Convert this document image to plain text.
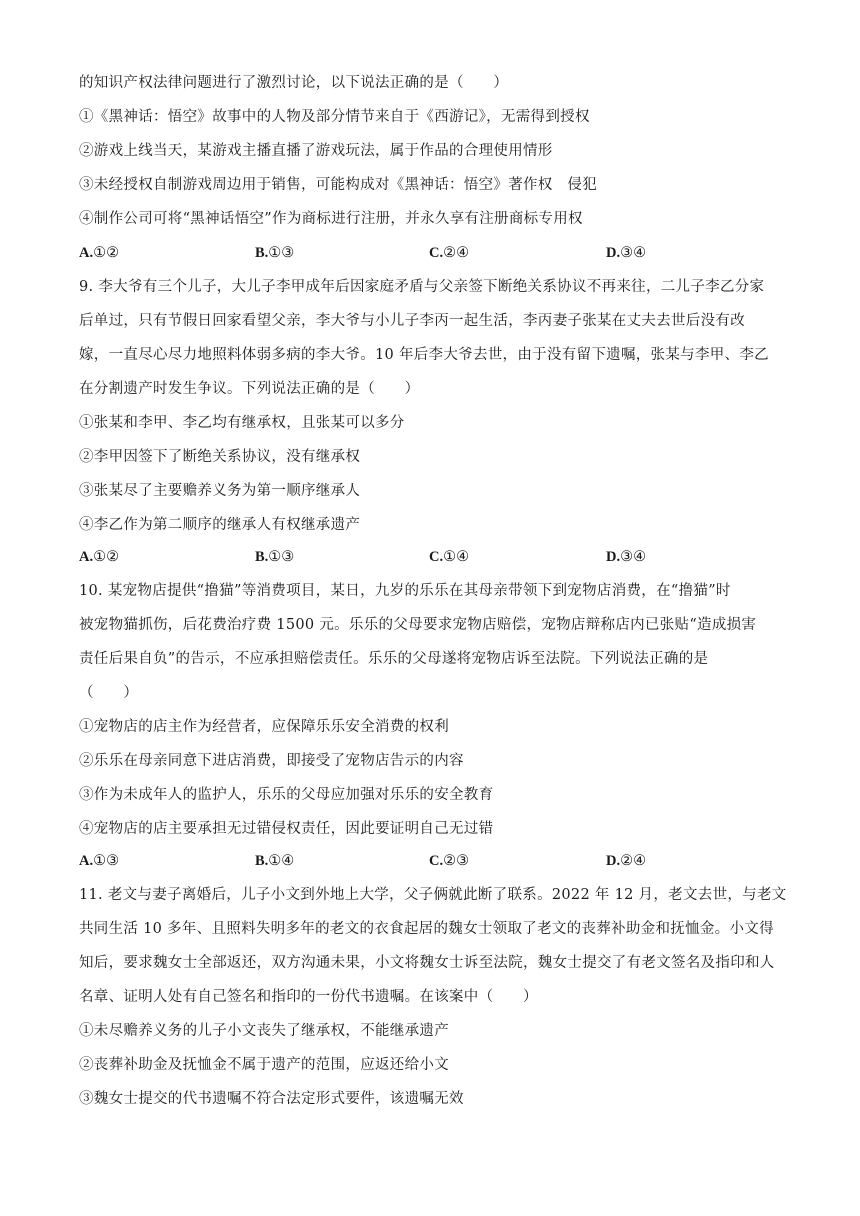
的知识产权法律问题进行了激烈讨论，以下说法正确的是（　　）
①《黑神话：悟空》故事中的人物及部分情节来自于《西游记》，无需得到授权
②游戏上线当天，某游戏主播直播了游戏玩法，属于作品的合理使用情形
③未经授权自制游戏周边用于销售，可能构成对《黑神话：悟空》著作权　侵犯
④制作公司可将“黑神话悟空”作为商标进行注册，并永久享有注册商标专用权
A.①②	B.①③	C.②④	D.③④
9. 李大爷有三个儿子，大儿子李甲成年后因家庭矛盾与父亲签下断绝关系协议不再来往，二儿子李乙分家
后单过，只有节假日回家看望父亲，李大爷与小儿子李丙一起生活，李丙妻子张某在丈夫去世后没有改
嫁，一直尽心尽力地照料体弱多病的李大爷。10 年后李大爷去世，由于没有留下遗嘱，张某与李甲、李乙
在分割遗产时发生争议。下列说法正确的是（　　）
①张某和李甲、李乙均有继承权，且张某可以多分
②李甲因签下了断绝关系协议，没有继承权
③张某尽了主要赡养义务为第一顺序继承人
④李乙作为第二顺序的继承人有权继承遗产
A.①②	B.①③	C.①④	D.③④
10. 某宠物店提供“撸猫”等消费项目，某日，九岁的乐乐在其母亲带领下到宠物店消费，在“撸猫”时
被宠物猫抓伤，后花费治疗费 1500 元。乐乐的父母要求宠物店赔偿，宠物店辩称店内已张贴“造成损害
责任后果自负”的告示，不应承担赔偿责任。乐乐的父母遂将宠物店诉至法院。下列说法正确的是
（　　）
①宠物店的店主作为经营者，应保障乐乐安全消费的权利
②乐乐在母亲同意下进店消费，即接受了宠物店告示的内容
③作为未成年人的监护人，乐乐的父母应加强对乐乐的安全教育
④宠物店的店主要承担无过错侵权责任，因此要证明自己无过错
A.①③	B.①④	C.②③	D.②④
11. 老文与妻子离婚后，儿子小文到外地上大学，父子俩就此断了联系。2022 年 12 月，老文去世，与老文
共同生活 10 多年、且照料失明多年的老文的衣食起居的魏女士领取了老文的丧葬补助金和抚恤金。小文得
知后，要求魏女士全部返还，双方沟通未果，小文将魏女士诉至法院，魏女士提交了有老文签名及指印和人
名章、证明人处有自己签名和指印的一份代书遗嘱。在该案中（　　）
①未尽赡养义务的儿子小文丧失了继承权，不能继承遗产
②丧葬补助金及抚恤金不属于遗产的范围，应返还给小文
③魏女士提交的代书遗嘱不符合法定形式要件，该遗嘱无效
